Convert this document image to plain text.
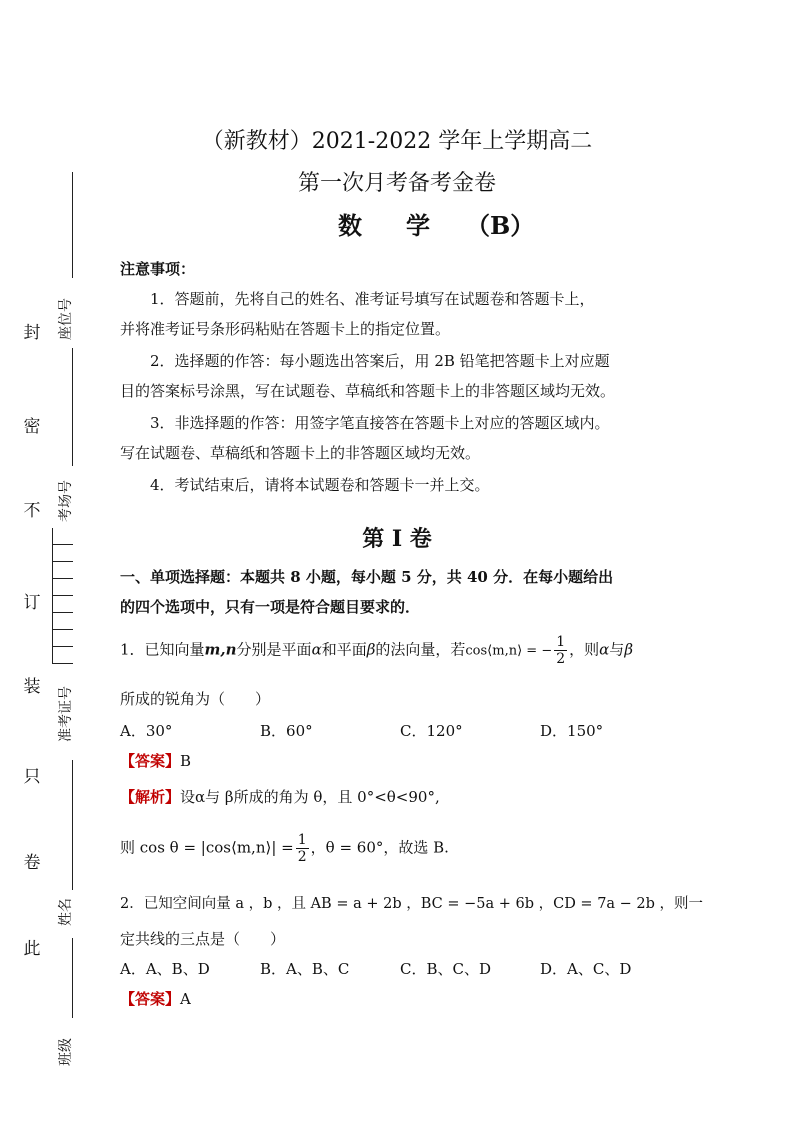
封
密
不
订
装
只
卷
此
座位号
考场号
准考证号
姓名
班级
（新教材）2021-2022 学年上学期高二
第一次月考备考金卷
数 学 （B）
注意事项：
1．答题前，先将自己的姓名、准考证号填写在试题卷和答题卡上，
并将准考证号条形码粘贴在答题卡上的指定位置。
2．选择题的作答：每小题选出答案后，用 2B 铅笔把答题卡上对应题
目的答案标号涂黑，写在试题卷、草稿纸和答题卡上的非答题区域均无效。
3．非选择题的作答：用签字笔直接答在答题卡上对应的答题区域内。
写在试题卷、草稿纸和答题卡上的非答题区域均无效。
4．考试结束后，请将本试题卷和答题卡一并上交。
第 Ⅰ 卷
一、单项选择题：本题共 8 小题，每小题 5 分，共 40 分．在每小题给出
的四个选项中，只有一项是符合题目要求的．
1．已知向量m,n分别是平面α和平面β的法向量，若cos⟨m,n⟩ = − $\frac{1}{2}$ ，则α与β
所成的锐角为（　　）
A．30°	B．60°	C．120°	D．150°
【答案】B
【解析】设α与 β所成的角为 θ，且 0°<θ<90°,
则 cos θ = |cos⟨m,n⟩| = $\frac{1}{2}$ ，θ = 60°，故选 B.
2．已知空间向量 a ，b ，且 AB = a + 2b ，BC = −5a + 6b ，CD = 7a − 2b ，则一
定共线的三点是（　　）
A．A、B、D	B．A、B、C	C．B、C、D	D．A、C、D
【答案】A
